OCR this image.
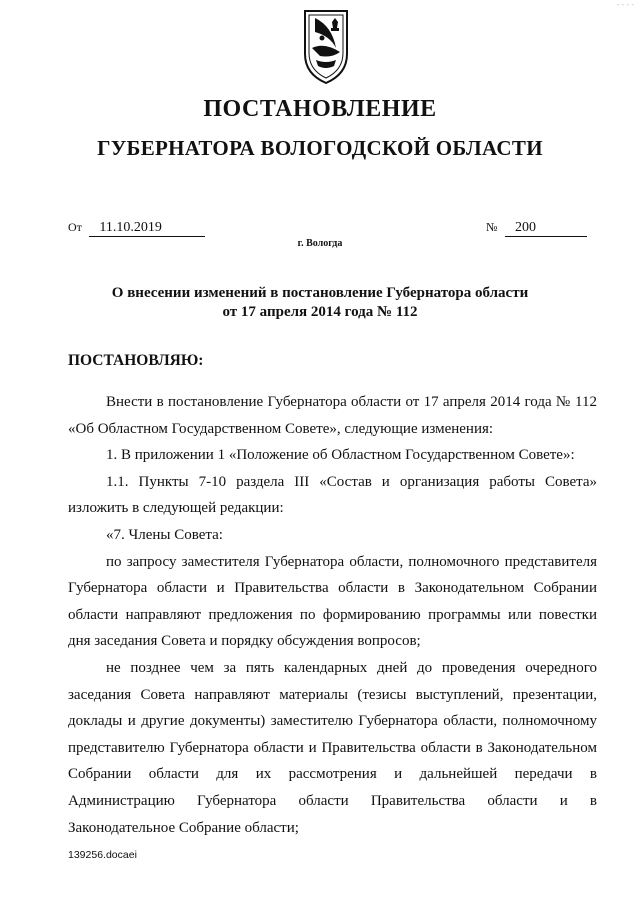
- - - -
ПОСТАНОВЛЕНИЕ
ГУБЕРНАТОРА ВОЛОГОДСКОЙ ОБЛАСТИ
От 11.10.2019	№ 200
г. Вологда
О внесении изменений в постановление Губернатора области
от 17 апреля 2014 года № 112
ПОСТАНОВЛЯЮ:

Внести в постановление Губернатора области от 17 апреля 2014 года № 112 «Об Областном Государственном Совете», следующие изменения:

1. В приложении 1 «Положение об Областном Государственном Совете»:

1.1. Пункты 7-10 раздела III «Состав и организация работы Совета» изложить в следующей редакции:

«7. Члены Совета:

по запросу заместителя Губернатора области, полномочного представителя Губернатора области и Правительства области в Законодательном Собрании области направляют предложения по формированию программы или повестки дня заседания Совета и порядку обсуждения вопросов;

не позднее чем за пять календарных дней до проведения очередного заседания Совета направляют материалы (тезисы выступлений, презентации, доклады и другие документы) заместителю Губернатора области, полномочному представителю Губернатора области и Правительства области в Законодательном Собрании области для их рассмотрения и дальнейшей передачи в Администрацию Губернатора области Правительства области и в Законодательное Собрание области;

139256.docaei
